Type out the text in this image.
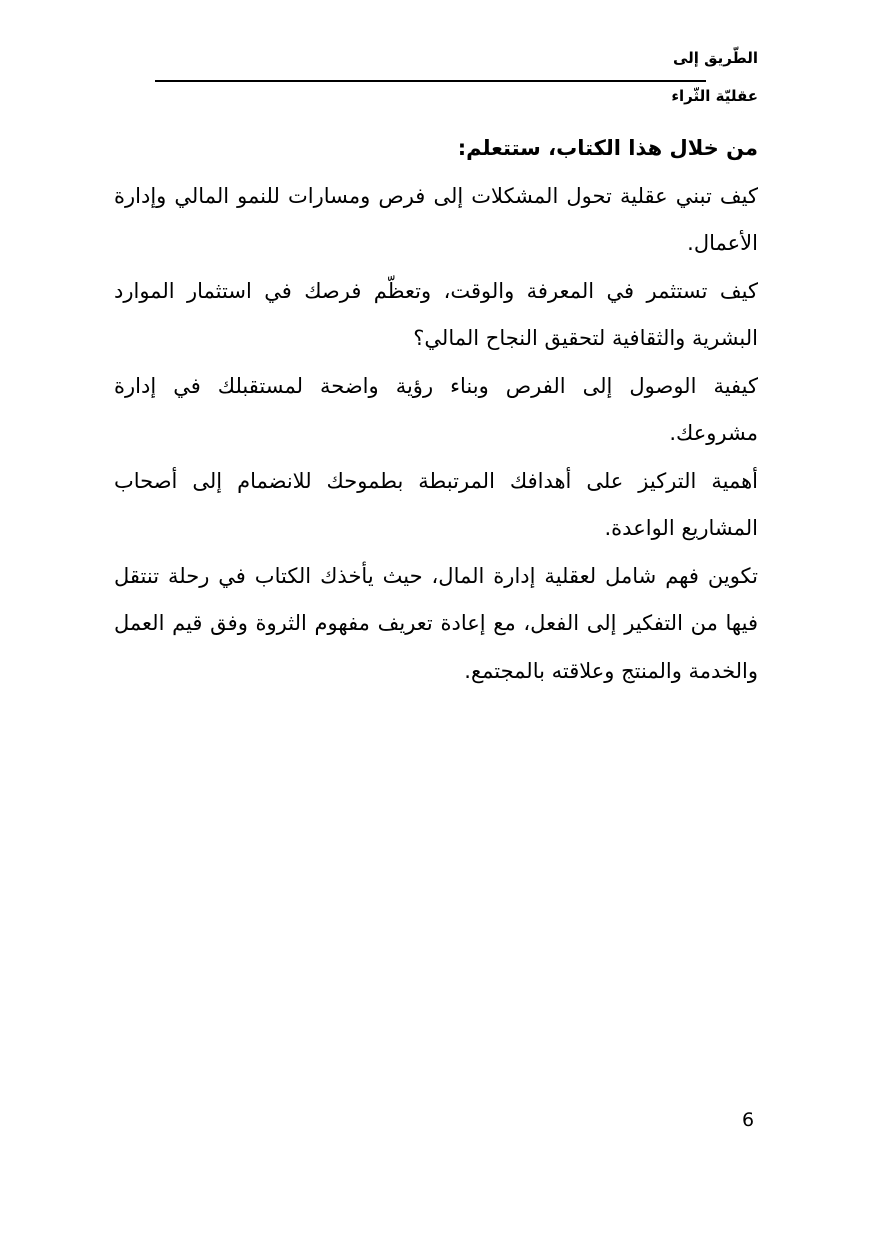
الطّريق إلى
عقليّة الثّراء

من خلال هذا الكتاب، ستتعلم:

كيف تبني عقلية تحول المشكلات إلى فرص ومسارات للنمو المالي وإدارة الأعمال.

كيف تستثمر في المعرفة والوقت، وتعظّم فرصك في استثمار الموارد البشرية والثقافية لتحقيق النجاح المالي؟

كيفية الوصول إلى الفرص وبناء رؤية واضحة لمستقبلك في إدارة مشروعك.

أهمية التركيز على أهدافك المرتبطة بطموحك للانضمام إلى أصحاب المشاريع الواعدة.

تكوين فهم شامل لعقلية إدارة المال، حيث يأخذك الكتاب في رحلة تنتقل فيها من التفكير إلى الفعل، مع إعادة تعريف مفهوم الثروة وفق قيم العمل والخدمة والمنتج وعلاقته بالمجتمع.

6
